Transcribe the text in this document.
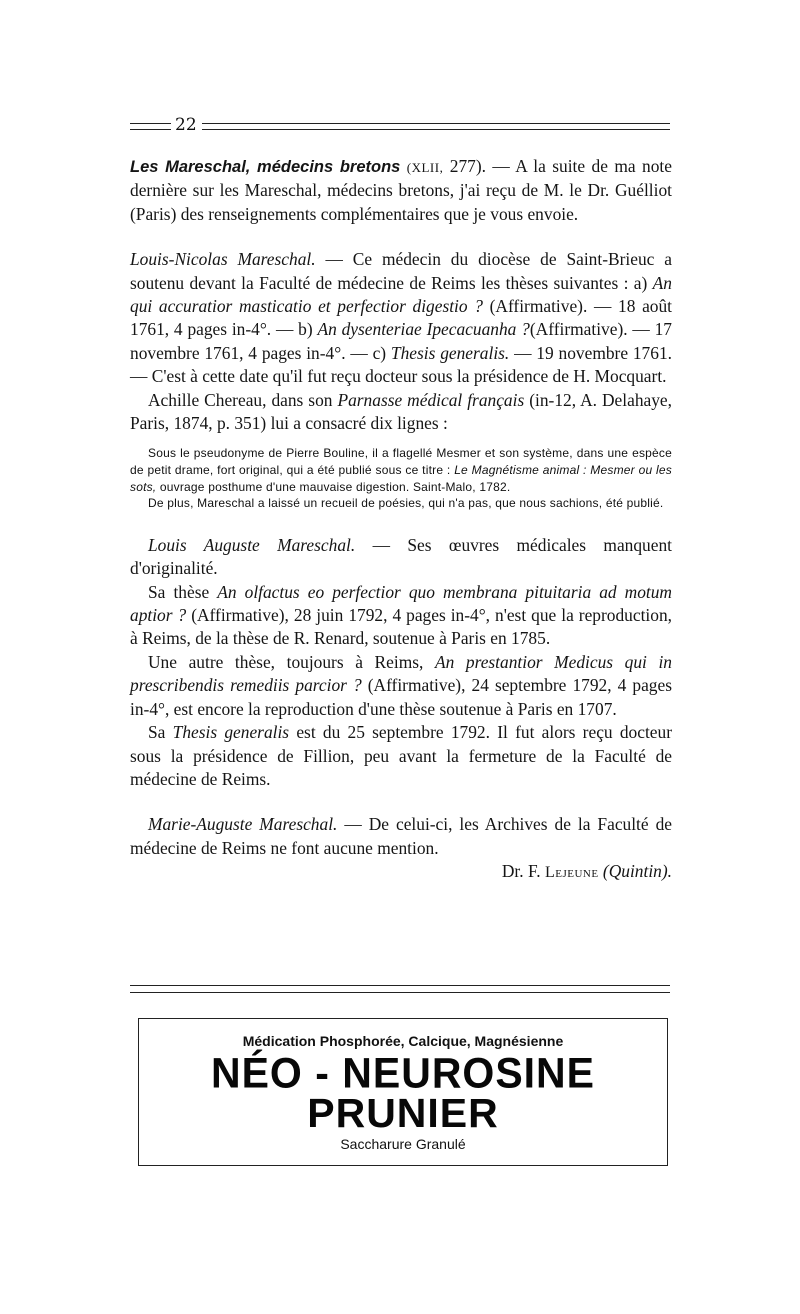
22

Les Mareschal, médecins bretons (XLII, 277). — A la suite de ma note dernière sur les Mareschal, médecins bretons, j'ai reçu de M. le Dr. Guélliot (Paris) des renseignements complémentaires que je vous envoie.

Louis-Nicolas Mareschal. — Ce médecin du diocèse de Saint-Brieuc a soutenu devant la Faculté de médecine de Reims les thèses suivantes : a) An qui accuratior masticatio et perfectior digestio ? (Affirmative). — 18 août 1761, 4 pages in-4°. — b) An dysenteriae Ipecacuanha ?(Affirmative). — 17 novembre 1761, 4 pages in-4°. — c) Thesis generalis. — 19 novembre 1761. — C'est à cette date qu'il fut reçu docteur sous la présidence de H. Mocquart.

Achille Chereau, dans son Parnasse médical français (in-12, A. Delahaye, Paris, 1874, p. 351) lui a consacré dix lignes :

Sous le pseudonyme de Pierre Bouline, il a flagellé Mesmer et son système, dans une espèce de petit drame, fort original, qui a été publié sous ce titre : Le Magnétisme animal : Mesmer ou les sots, ouvrage posthume d'une mauvaise digestion. Saint-Malo, 1782.

De plus, Mareschal a laissé un recueil de poésies, qui n'a pas, que nous sachions, été publié.

Louis Auguste Mareschal. — Ses œuvres médicales manquent d'originalité.

Sa thèse An olfactus eo perfectior quo membrana pituitaria ad motum aptior ? (Affirmative), 28 juin 1792, 4 pages in-4°, n'est que la reproduction, à Reims, de la thèse de R. Renard, soutenue à Paris en 1785.

Une autre thèse, toujours à Reims, An prestantior Medicus qui in prescribendis remediis parcior ? (Affirmative), 24 septembre 1792, 4 pages in-4°, est encore la reproduction d'une thèse soutenue à Paris en 1707.

Sa Thesis generalis est du 25 septembre 1792. Il fut alors reçu docteur sous la présidence de Fillion, peu avant la fermeture de la Faculté de médecine de Reims.

Marie-Auguste Mareschal. — De celui-ci, les Archives de la Faculté de médecine de Reims ne font aucune mention.

Dr. F. Lejeune (Quintin).

Médication Phosphorée, Calcique, Magnésienne
NÉO - NEUROSINE
PRUNIER
Saccharure Granulé
